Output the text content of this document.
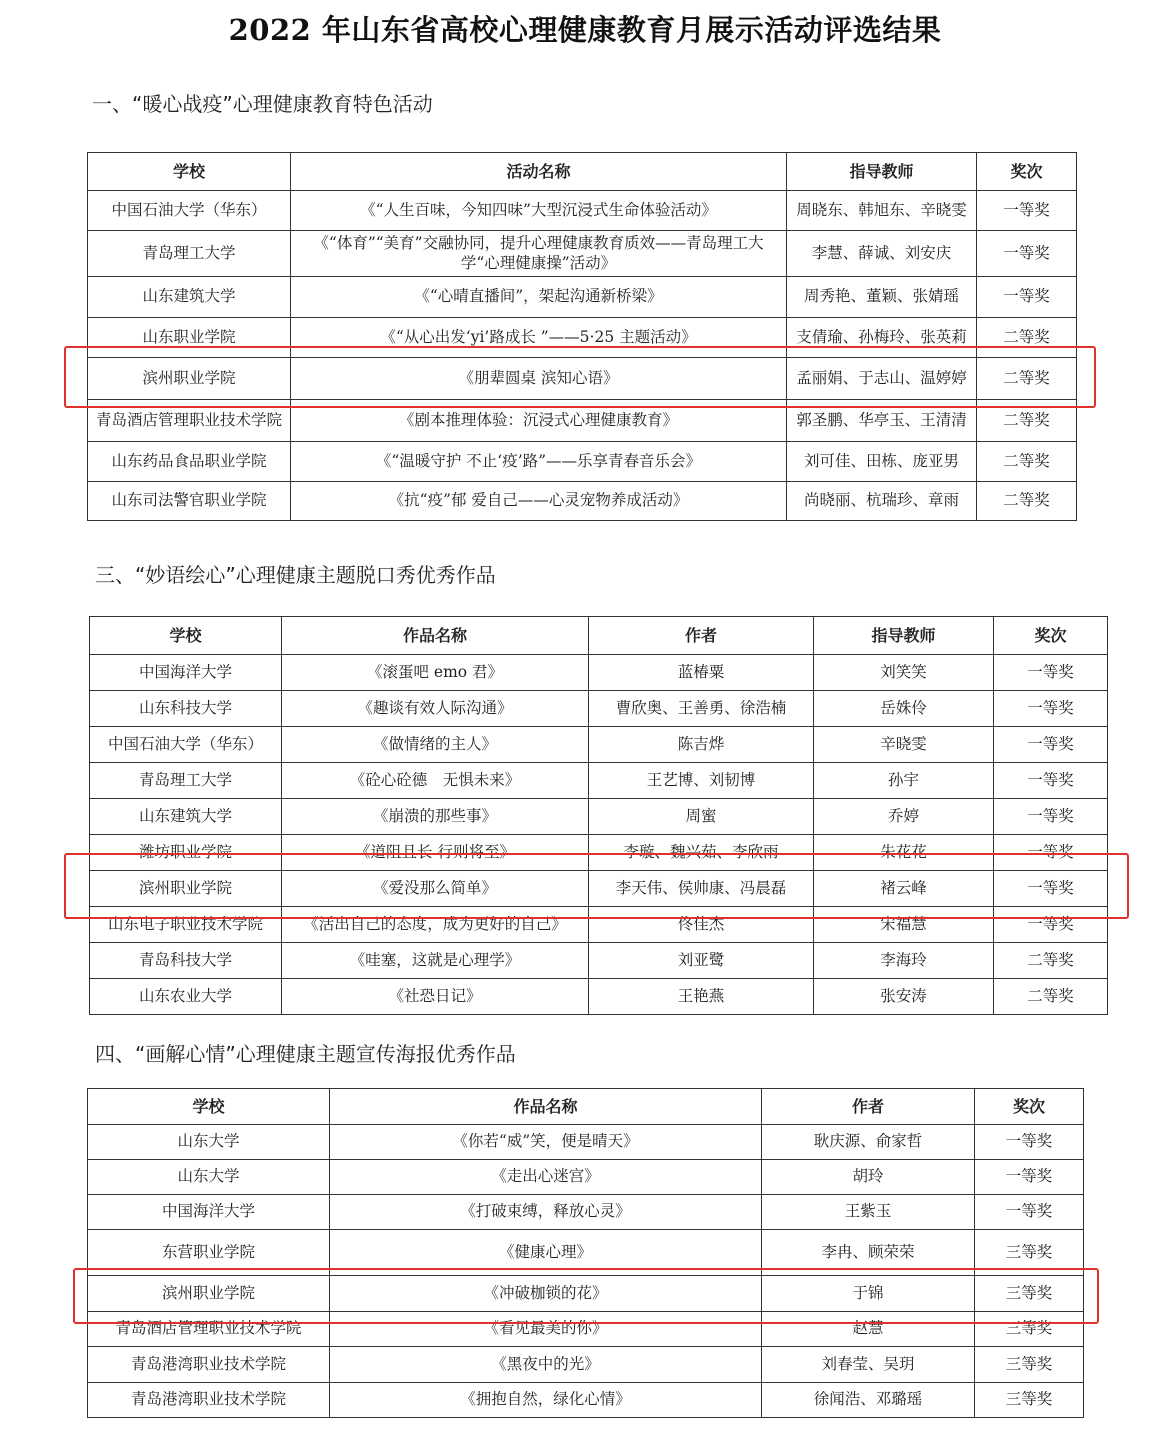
2022 年山东省高校心理健康教育月展示活动评选结果
一、“暖心战疫”心理健康教育特色活动
学校	活动名称	指导教师	奖次
中国石油大学（华东）	《“人生百味，今知四味”大型沉浸式生命体验活动》	周晓东、韩旭东、辛晓雯	一等奖
青岛理工大学	《“体育”“美育”交融协同，提升心理健康教育质效——青岛理工大学“心理健康操”活动》	李慧、薛诚、刘安庆	一等奖
山东建筑大学	《“心晴直播间”，架起沟通新桥梁》	周秀艳、董颖、张婧瑶	一等奖
山东职业学院	《“从心出发‘yi’路成长 ”——5·25 主题活动》	支倩瑜、孙梅玲、张英莉	二等奖
滨州职业学院	《朋辈圆桌 滨知心语》	孟丽娟、于志山、温婷婷	二等奖
青岛酒店管理职业技术学院	《剧本推理体验：沉浸式心理健康教育》	郭圣鹏、华亭玉、王清清	二等奖
山东药品食品职业学院	《“温暖守护 不止‘疫’路”——乐享青春音乐会》	刘可佳、田栋、庞亚男	二等奖
山东司法警官职业学院	《抗“疫”郁 爱自己——心灵宠物养成活动》	尚晓丽、杭瑞珍、章雨	二等奖
三、“妙语绘心”心理健康主题脱口秀优秀作品
学校	作品名称	作者	指导教师	奖次
中国海洋大学	《滚蛋吧 emo 君》	蓝椿粟	刘笑笑	一等奖
山东科技大学	《趣谈有效人际沟通》	曹欣奥、王善勇、徐浩楠	岳姝伶	一等奖
中国石油大学（华东）	《做情绪的主人》	陈吉烨	辛晓雯	一等奖
青岛理工大学	《砼心砼德　无惧未来》	王艺博、刘韧博	孙宇	一等奖
山东建筑大学	《崩溃的那些事》	周蜜	乔婷	一等奖
潍坊职业学院	《道阻且长 行则将至》	李璇、魏兴茹、李欣雨	朱花花	一等奖
滨州职业学院	《爱没那么简单》	李天伟、侯帅康、冯晨磊	褚云峰	一等奖
山东电子职业技术学院	《活出自己的态度，成为更好的自己》	佟佳杰	宋福慧	一等奖
青岛科技大学	《哇塞，这就是心理学》	刘亚鹭	李海玲	二等奖
山东农业大学	《社恐日记》	王艳燕	张安涛	二等奖
四、“画解心情”心理健康主题宣传海报优秀作品
学校	作品名称	作者	奖次
山东大学	《你若“威”笑，便是晴天》	耿庆源、俞家哲	一等奖
山东大学	《走出心迷宫》	胡玲	一等奖
中国海洋大学	《打破束缚，释放心灵》	王紫玉	一等奖
东营职业学院	《健康心理》	李冉、顾荣荣	三等奖
滨州职业学院	《冲破枷锁的花》	于锦	三等奖
青岛酒店管理职业技术学院	《看见最美的你》	赵慧	三等奖
青岛港湾职业技术学院	《黑夜中的光》	刘春莹、吴玥	三等奖
青岛港湾职业技术学院	《拥抱自然，绿化心情》	徐闻浩、邓璐瑶	三等奖
